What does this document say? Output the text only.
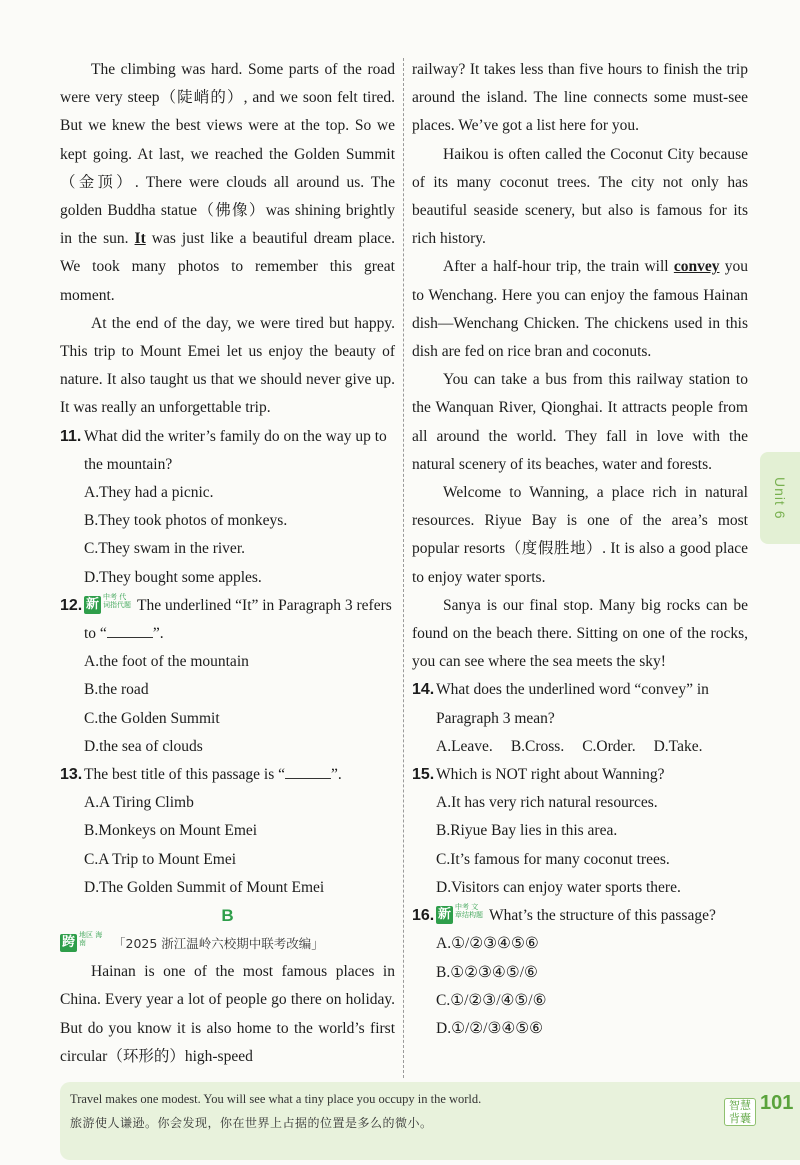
The climbing was hard. Some parts of the road were very steep（陡峭的）, and we soon felt tired. But we knew the best views were at the top. So we kept going. At last, we reached the Golden Summit（金顶）. There were clouds all around us. The golden Buddha statue（佛像）was shining brightly in the sun. It was just like a beautiful dream place. We took many photos to remember this great moment.

At the end of the day, we were tired but happy. This trip to Mount Emei let us enjoy the beauty of nature. It also taught us that we should never give up. It was really an unforgettable trip.

11. What did the writer’s family do on the way up to the mountain?
A.They had a picnic.
B.They took photos of monkeys.
C.They swam in the river.
D.They bought some apples.
12. 新 中考 代词指代题 The underlined “It” in Paragraph 3 refers to “	”.
A.the foot of the mountain
B.the road
C.the Golden Summit
D.the sea of clouds
13. The best title of this passage is “	”.
A.A Tiring Climb
B.Monkeys on Mount Emei
C.A Trip to Mount Emei
D.The Golden Summit of Mount Emei
B
跨 地区 海南 「2025 浙江温岭六校期中联考改编」

Hainan is one of the most famous places in China. Every year a lot of people go there on holiday. But do you know it is also home to the world’s first circular（环形的）high-speed

railway? It takes less than five hours to finish the trip around the island. The line connects some must-see places. We’ve got a list here for you.

Haikou is often called the Coconut City because of its many coconut trees. The city not only has beautiful seaside scenery, but also is famous for its rich history.

After a half-hour trip, the train will convey you to Wenchang. Here you can enjoy the famous Hainan dish—Wenchang Chicken. The chickens used in this dish are fed on rice bran and coconuts.

You can take a bus from this railway station to the Wanquan River, Qionghai. It attracts people from all around the world. They fall in love with the natural scenery of its beaches, water and forests.

Welcome to Wanning, a place rich in natural resources. Riyue Bay is one of the area’s most popular resorts（度假胜地）. It is also a good place to enjoy water sports.

Sanya is our final stop. Many big rocks can be found on the beach there. Sitting on one of the rocks, you can see where the sea meets the sky!

14. What does the underlined word “convey” in Paragraph 3 mean?
A.Leave. B.Cross. C.Order. D.Take.
15. Which is NOT right about Wanning?
A.It has very rich natural resources.
B.Riyue Bay lies in this area.
C.It’s famous for many coconut trees.
D.Visitors can enjoy water sports there.
16. 新 中考 文章结构题 What’s the structure of this passage?
A.①/②③④⑤⑥
B.①②③④⑤/⑥
C.①/②③/④⑤/⑥
D.①/②/③④⑤⑥
Unit 6
Travel makes one modest. You will see what a tiny place you occupy in the world.
旅游使人谦逊。你会发现，你在世界上占据的位置是多么的微小。
智慧背囊
101
